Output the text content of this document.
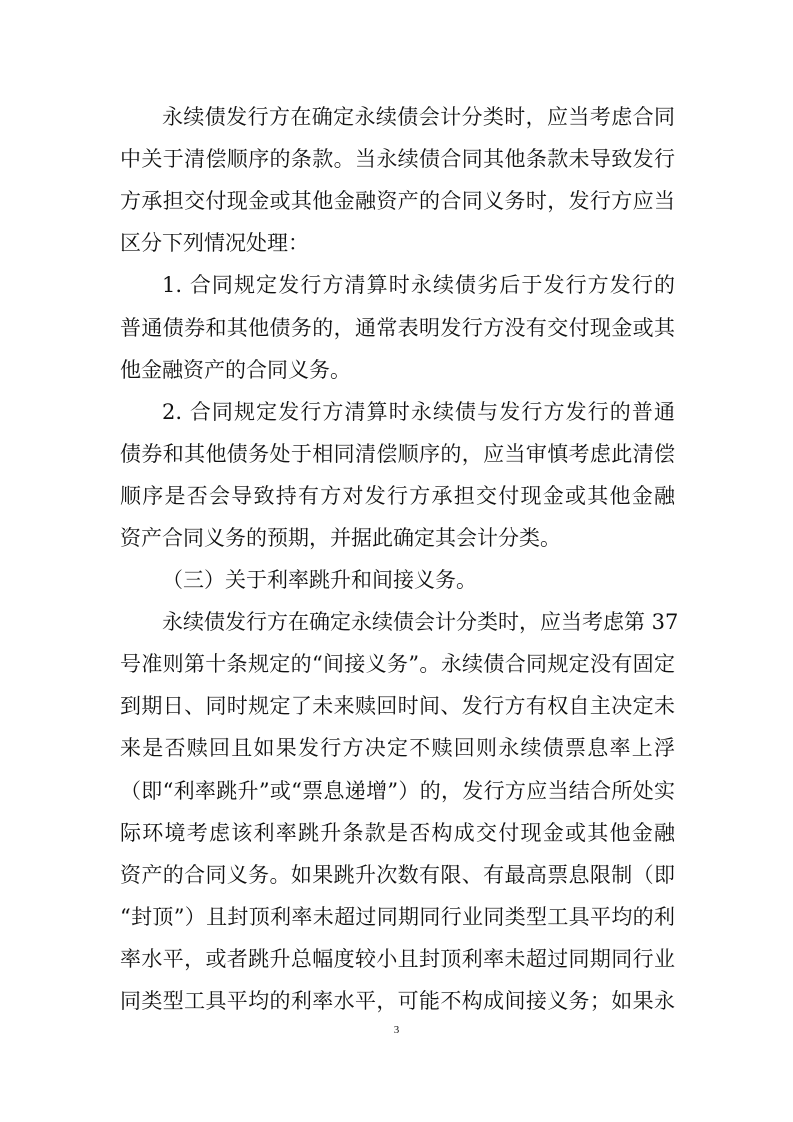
永续债发行方在确定永续债会计分类时，应当考虑合同
中关于清偿顺序的条款。当永续债合同其他条款未导致发行
方承担交付现金或其他金融资产的合同义务时，发行方应当
区分下列情况处理：
1. 合同规定发行方清算时永续债劣后于发行方发行的
普通债券和其他债务的，通常表明发行方没有交付现金或其
他金融资产的合同义务。
2. 合同规定发行方清算时永续债与发行方发行的普通
债券和其他债务处于相同清偿顺序的，应当审慎考虑此清偿
顺序是否会导致持有方对发行方承担交付现金或其他金融
资产合同义务的预期，并据此确定其会计分类。
（三）关于利率跳升和间接义务。
永续债发行方在确定永续债会计分类时，应当考虑第 37
号准则第十条规定的“间接义务”。永续债合同规定没有固定
到期日、同时规定了未来赎回时间、发行方有权自主决定未
来是否赎回且如果发行方决定不赎回则永续债票息率上浮
（即“利率跳升”或“票息递增”）的，发行方应当结合所处实
际环境考虑该利率跳升条款是否构成交付现金或其他金融
资产的合同义务。如果跳升次数有限、有最高票息限制（即
“封顶”）且封顶利率未超过同期同行业同类型工具平均的利
率水平，或者跳升总幅度较小且封顶利率未超过同期同行业
同类型工具平均的利率水平，可能不构成间接义务；如果永
3
